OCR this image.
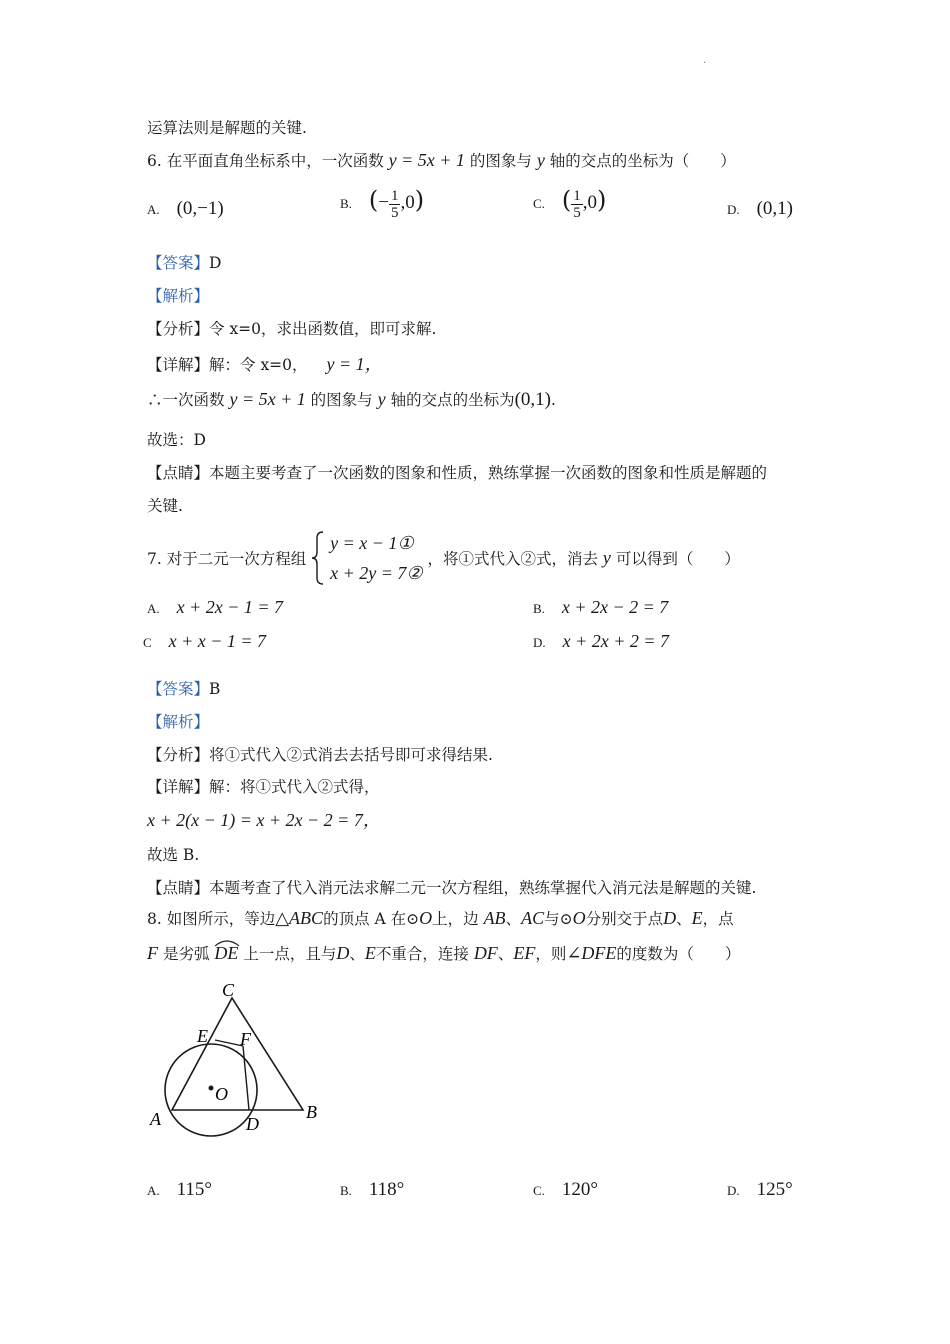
·
运算法则是解题的关键.
6. 在平面直角坐标系中，一次函数 y = 5x + 1 的图象与 y 轴的交点的坐标为（　　）
A. (0,−1)	B. (− $\frac{1}{5} ,0$)	C. ( $\frac{1}{5} ,0$)	D. (0,1)
【答案】D
【解析】
【分析】令 x=0，求出函数值，即可求解.
【详解】解：令 x=0， y = 1，
∴一次函数 y = 5x + 1 的图象与 y 轴的交点的坐标为(0,1).
故选：D
【点睛】本题主要考查了一次函数的图象和性质，熟练掌握一次函数的图象和性质是解题的
关键.
7. 对于二元一次方程组
y = x − 1①
x + 2y = 7②
，将①式代入②式，消去 y 可以得到（　　）
A. x + 2x − 1 = 7	B. x + 2x − 2 = 7
C x + x − 1 = 7	D. x + 2x + 2 = 7
【答案】B
【解析】
【分析】将①式代入②式消去去括号即可求得结果.
【详解】解：将①式代入②式得，
x + 2(x − 1) = x + 2x − 2 = 7，
故选 B.
【点睛】本题考查了代入消元法求解二元一次方程组，熟练掌握代入消元法是解题的关键.
8. 如图所示，等边△ABC的顶点 A 在⊙O上，边 AB、AC与⊙O分别交于点D、E，点
F 是劣弧 DE 上一点，且与D、E不重合，连接 DF、EF，则∠DFE的度数为（　　）
C
E F
O
A	D
B
A. 115°	B. 118°	C. 120°	D. 125°
